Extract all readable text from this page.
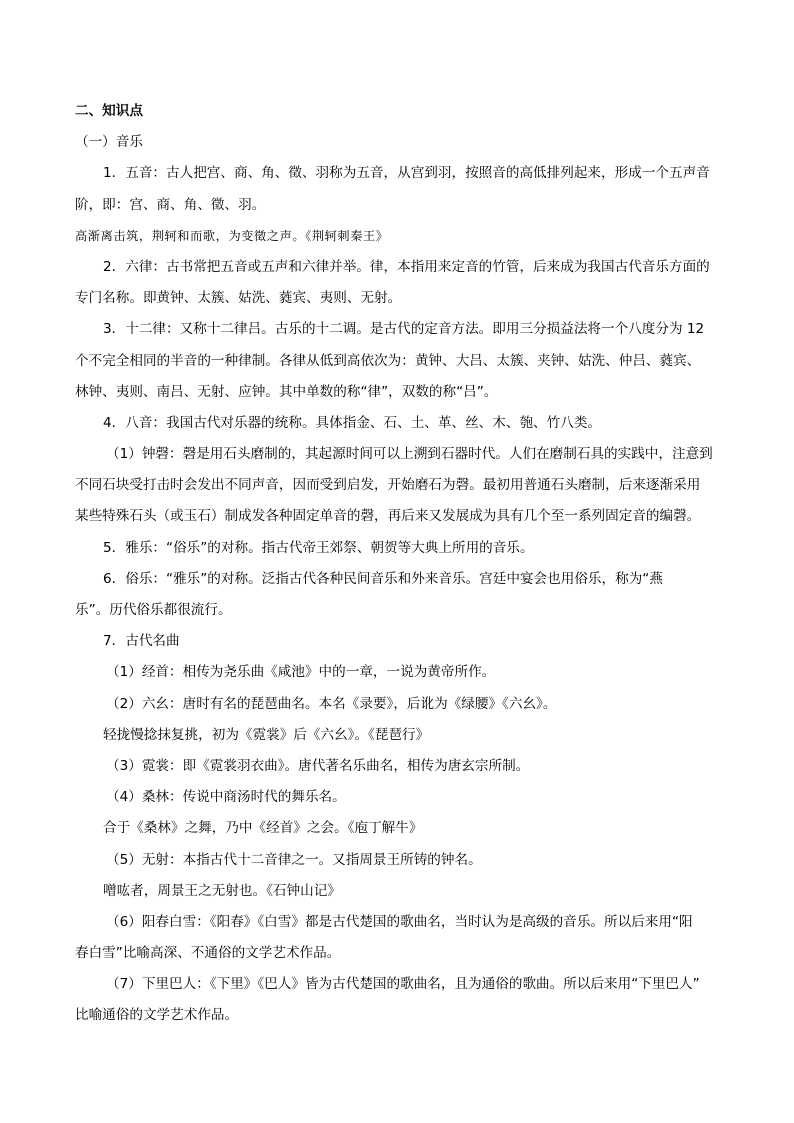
二、知识点
（一）音乐
1．五音：古人把宫、商、角、徵、羽称为五音，从宫到羽，按照音的高低排列起来，形成一个五声音
阶，即：宫、商、角、徵、羽。
高渐离击筑，荆轲和而歌，为变徵之声。《荆轲刺秦王》
2．六律：古书常把五音或五声和六律并举。律，本指用来定音的竹管，后来成为我国古代音乐方面的
专门名称。即黄钟、太簇、姑洗、蕤宾、夷则、无射。
3．十二律：又称十二律吕。古乐的十二调。是古代的定音方法。即用三分损益法将一个八度分为 12
个不完全相同的半音的一种律制。各律从低到高依次为：黄钟、大吕、太簇、夹钟、姑洗、仲吕、蕤宾、
林钟、夷则、南吕、无射、应钟。其中单数的称“律”，双数的称“吕”。
4．八音：我国古代对乐器的统称。具体指金、石、土、革、丝、木、匏、竹八类。
（1）钟磬：磬是用石头磨制的，其起源时间可以上溯到石器时代。人们在磨制石具的实践中，注意到
不同石块受打击时会发出不同声音，因而受到启发，开始磨石为磬。最初用普通石头磨制，后来逐渐采用
某些特殊石头（或玉石）制成发各种固定单音的磬，再后来又发展成为具有几个至一系列固定音的编磬。
5．雅乐：“俗乐”的对称。指古代帝王郊祭、朝贺等大典上所用的音乐。
6．俗乐：“雅乐”的对称。泛指古代各种民间音乐和外来音乐。宫廷中宴会也用俗乐，称为“燕
乐”。历代俗乐都很流行。
7．古代名曲
（1）经首：相传为尧乐曲《咸池》中的一章，一说为黄帝所作。
（2）六幺：唐时有名的琵琶曲名。本名《录要》，后讹为《绿腰》《六幺》。
轻拢慢捻抹复挑，初为《霓裳》后《六幺》。《琵琶行》
（3）霓裳：即《霓裳羽衣曲》。唐代著名乐曲名，相传为唐玄宗所制。
（4）桑林：传说中商汤时代的舞乐名。
合于《桑林》之舞，乃中《经首》之会。《庖丁解牛》
（5）无射：本指古代十二音律之一。又指周景王所铸的钟名。
噌吰者，周景王之无射也。《石钟山记》
（6）阳春白雪：《阳春》《白雪》都是古代楚国的歌曲名，当时认为是高级的音乐。所以后来用“阳
春白雪”比喻高深、不通俗的文学艺术作品。
（7）下里巴人：《下里》《巴人》皆为古代楚国的歌曲名，且为通俗的歌曲。所以后来用“下里巴人”
比喻通俗的文学艺术作品。
